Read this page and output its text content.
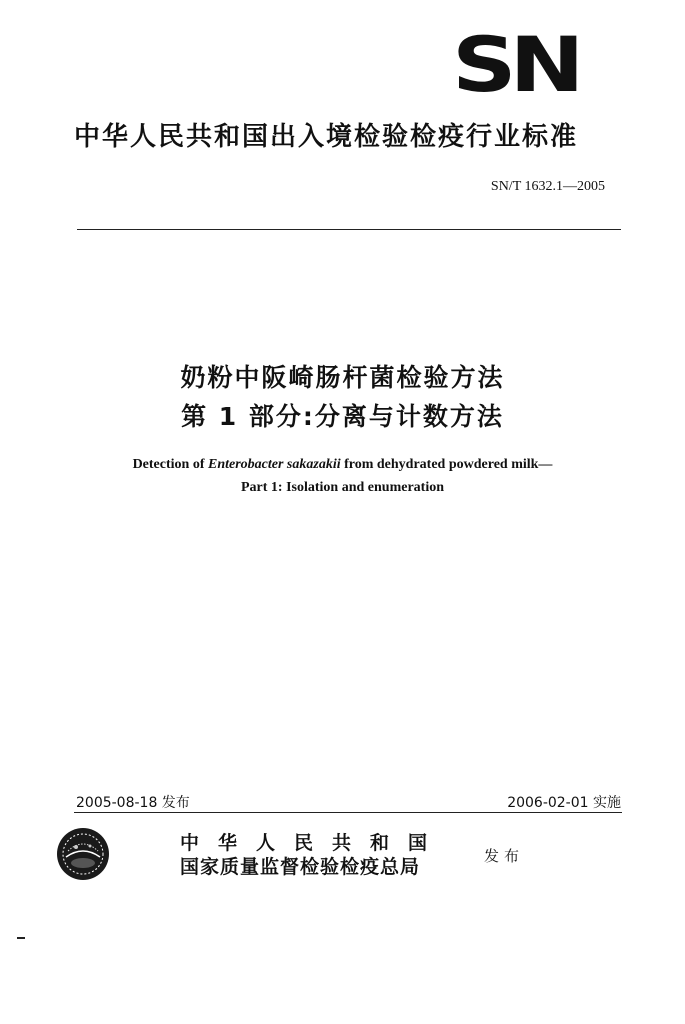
SN
中华人民共和国出入境检验检疫行业标准
SN/T 1632.1—2005
奶粉中阪崎肠杆菌检验方法
第 1 部分:分离与计数方法
Detection of Enterobacter sakazakii from dehydrated powdered milk—
Part 1: Isolation and enumeration
2005-08-18 发布	2006-02-01 实施
中华人民共和国
国家质量监督检验检疫总局	发布
